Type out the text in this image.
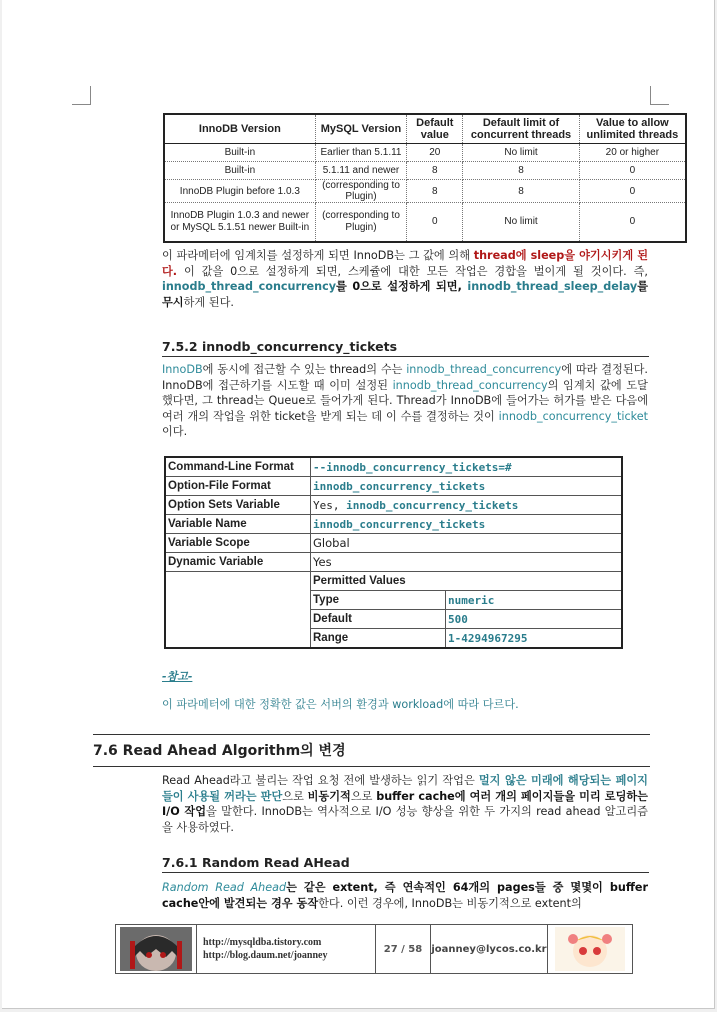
InnoDB Version	MySQL Version	Default value	Default limit of concurrent threads	Value to allow unlimited threads
Built-in	Earlier than 5.1.11	20	No limit	20 or higher
Built-in	5.1.11 and newer	8	8	0
InnoDB Plugin before 1.0.3	(corresponding to Plugin)	8	8	0
InnoDB Plugin 1.0.3 and newer or MySQL 5.1.51 newer Built-in	(corresponding to Plugin)	0	No limit	0
이 파라메터에 임계치를 설정하게 되면 InnoDB는 그 값에 의해 thread에 sleep을 야기시키게 된다. 이 값을 0으로 설정하게 되면, 스케쥴에 대한 모든 작업은 경합을 벌이게 될 것이다. 즉, innodb_thread_concurrency를 0으로 설정하게 되면, innodb_thread_sleep_delay를 무시하게 된다.
7.5.2 innodb_concurrency_tickets
InnoDB에 동시에 접근할 수 있는 thread의 수는 innodb_thread_concurrency에 따라 결정된다. InnoDB에 접근하기를 시도할 때 이미 설정된 innodb_thread_concurrency의 임계치 값에 도달했다면, 그 thread는 Queue로 들어가게 된다. Thread가 InnoDB에 들어가는 허가를 받은 다음에 여러 개의 작업을 위한 ticket을 받게 되는 데 이 수를 결정하는 것이 innodb_concurrency_ticket이다.
Command-Line Format	--innodb_concurrency_tickets=#	
Option-File Format	innodb_concurrency_tickets	
Option Sets Variable	Yes, innodb_concurrency_tickets	
Variable Name	innodb_concurrency_tickets	
Variable Scope	Global	
Dynamic Variable	Yes	
	Permitted Values	
	Type	numeric
	Default	500
	Range	1-4294967295
-참고-
이 파라메터에 대한 정확한 값은 서버의 환경과 workload에 따라 다르다.
7.6 Read Ahead Algorithm의 변경
Read Ahead라고 불리는 작업 요청 전에 발생하는 읽기 작업은 멀지 않은 미래에 해당되는 페이지들이 사용될 꺼라는 판단으로 비동기적으로 buffer cache에 여러 개의 페이지들을 미리 로딩하는 I/O 작업을 말한다. InnoDB는 역사적으로 I/O 성능 향상을 위한 두 가지의 read ahead 알고리즘을 사용하였다.
7.6.1 Random Read AHead
Random Read Ahead는 같은 extent, 즉 연속적인 64개의 pages들 중 몇몇이 buffer cache안에 발견되는 경우 동작한다. 이런 경우에, InnoDB는 비동기적으로 extent의
http://mysqldba.tistory.com
http://blog.daum.net/joanney
27 / 58 joanney@lycos.co.kr
